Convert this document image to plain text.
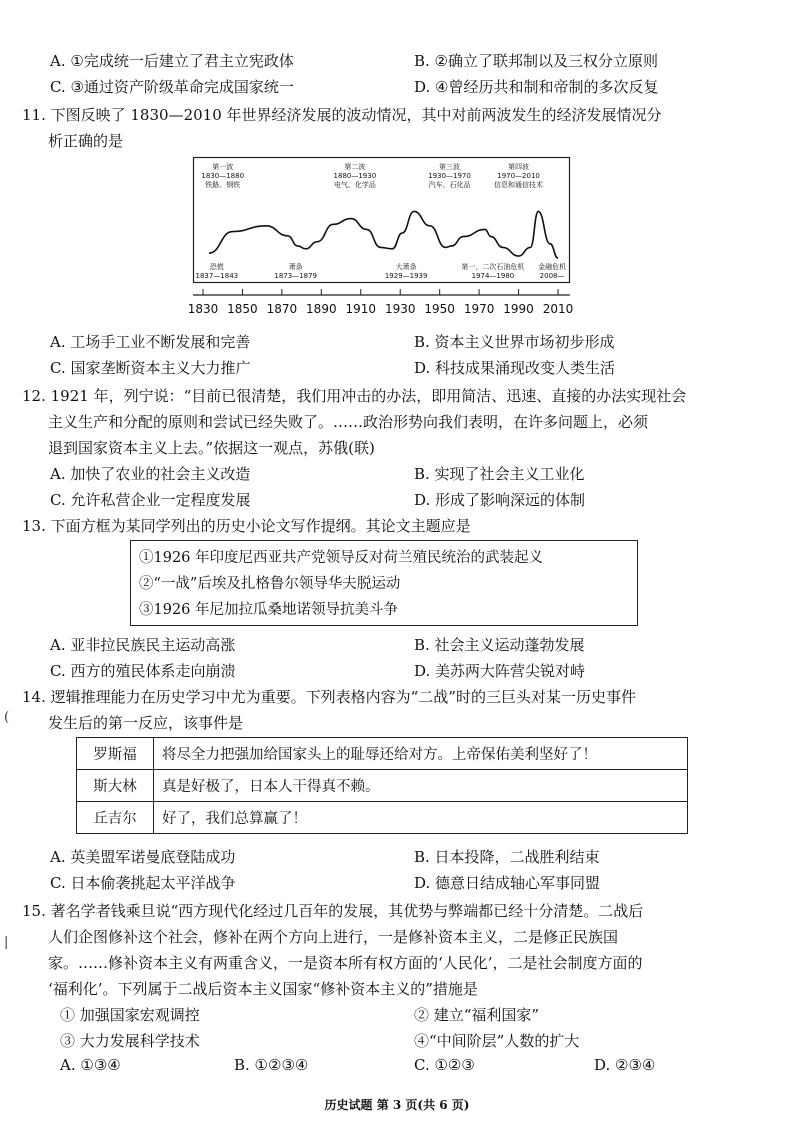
A. ①完成统一后建立了君主立宪政体	B. ②确立了联邦制以及三权分立原则
C. ③通过资产阶级革命完成国家统一	D. ④曾经历共和制和帝制的多次反复
11. 下图反映了 1830—2010 年世界经济发展的波动情况，其中对前两波发生的经济发展情况分
析正确的是
第一波
1830—1880
铁路、钢铁
第二波
1880—1930
电气、化学品
第三波
1930—1970
汽车、石化品
第四波
1970—2010
信息和通信技术
恐慌
1837—1843
萧条
1873—1879
大萧条
1929—1939
第一、二次石油危机
1974—1980
金融危机
2008—
1830 1850 1870 1890 1910 1930 1950 1970 1990 2010
A. 工场手工业不断发展和完善	B. 资本主义世界市场初步形成
C. 国家垄断资本主义大力推广	D. 科技成果涌现改变人类生活
12. 1921 年，列宁说：“目前已很清楚，我们用冲击的办法，即用简洁、迅速、直接的办法实现社会
主义生产和分配的原则和尝试已经失败了。……政治形势向我们表明，在许多问题上，必须
退到国家资本主义上去。”依据这一观点，苏俄(联)
A. 加快了农业的社会主义改造	B. 实现了社会主义工业化
C. 允许私营企业一定程度发展	D. 形成了影响深远的体制
13. 下面方框为某同学列出的历史小论文写作提纲。其论文主题应是
①1926 年印度尼西亚共产党领导反对荷兰殖民统治的武装起义
②“一战”后埃及扎格鲁尔领导华夫脱运动
③1926 年尼加拉瓜桑地诺领导抗美斗争
A. 亚非拉民族民主运动高涨	B. 社会主义运动蓬勃发展
C. 西方的殖民体系走向崩溃	D. 美苏两大阵营尖锐对峙
14. 逻辑推理能力在历史学习中尤为重要。下列表格内容为“二战”时的三巨头对某一历史事件
发生后的第一反应，该事件是
(
罗斯福	将尽全力把强加给国家头上的耻辱还给对方。上帝保佑美利坚好了！
斯大林	真是好极了，日本人干得真不赖。
丘吉尔	好了，我们总算赢了！
A. 英美盟军诺曼底登陆成功	B. 日本投降，二战胜利结束
C. 日本偷袭挑起太平洋战争	D. 德意日结成轴心军事同盟
15. 著名学者钱乘旦说“西方现代化经过几百年的发展，其优势与弊端都已经十分清楚。二战后
|	人们企图修补这个社会，修补在两个方向上进行，一是修补资本主义，二是修正民族国
家。……修补资本主义有两重含义，一是资本所有权方面的‘人民化’，二是社会制度方面的
‘福利化’。下列属于二战后资本主义国家“修补资本主义的”措施是
① 加强国家宏观调控	② 建立“福利国家”
③ 大力发展科学技术	④“中间阶层”人数的扩大
A. ①③④	B. ①②③④	C. ①②③	D. ②③④
历史试题 第 3 页(共 6 页)
